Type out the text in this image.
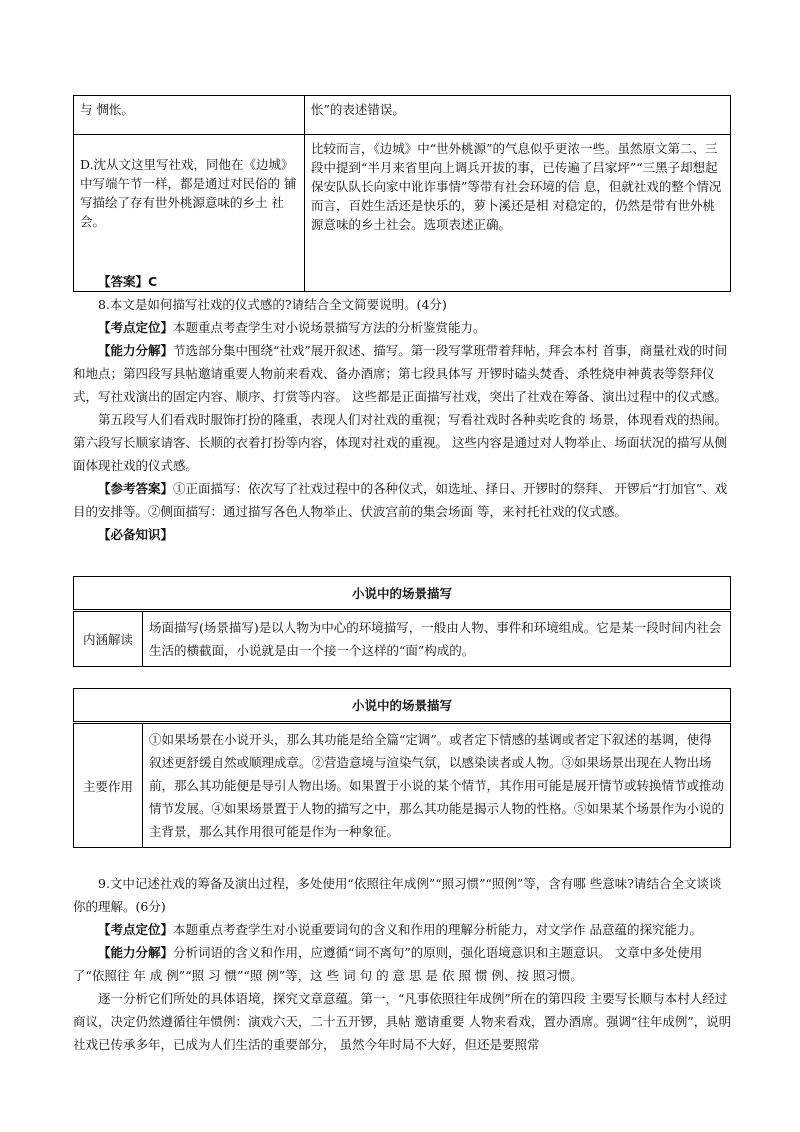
与 惆怅。	怅”的表述错误。
D.沈从文这里写社戏，同他在《边城》 中写端午节一样，都是通过对民俗的 铺写描绘了存有世外桃源意味的乡土 社会。	比较而言，《边城》中“世外桃源”的气息似乎更浓一些。虽然原文第二、三段中提到“半月来省里向上调兵开拔的事，已传遍了吕家坪”“三黑子却想起保安队队长向家中讹诈事情”等带有社会环境的信 息，但就社戏的整个情况而言，百姓生活还是快乐的，萝卜溪还是相 对稳定的，仍然是带有世外桃源意味的乡土社会。选项表述正确。

【答案】C

8.本文是如何描写社戏的仪式感的?请结合全文简要说明。(4分)

【考点定位】本题重点考查学生对小说场景描写方法的分析鉴赏能力。

【能力分解】节选部分集中围绕“社戏”展开叙述、描写。第一段写掌班带着拜帖，拜会本村 首事，商量社戏的时间和地点；第四段写具帖邀请重要人物前来看戏、备办酒席；第七段具体写 开锣时磕头焚香、杀牲烧申神黄表等祭拜仪式，写社戏演出的固定内容、顺序、打赏等内容。 这些都是正面描写社戏，突出了社戏在筹备、演出过程中的仪式感。

第五段写人们看戏时服饰打扮的隆重，表现人们对社戏的重视；写看社戏时各种卖吃食的 场景，体现看戏的热闹。第六段写长顺家请客、长顺的衣着打扮等内容，体现对社戏的重视。 这些内容是通过对人物举止、场面状况的描写从侧面体现社戏的仪式感。

【参考答案】①正面描写：依次写了社戏过程中的各种仪式，如选址、择日、开锣时的祭拜、 开锣后“打加官”、戏目的安排等。②侧面描写：通过描写各色人物举止、伏波宫前的集会场面 等，来衬托社戏的仪式感。

【必备知识】

小说中的场景描写
内涵解读	场面描写(场景描写)是以人物为中心的环境描写，一般由人物、事件和环境组成。它是某一段时间内社会生活的横截面，小说就是由一个接一个这样的“面”构成的。
小说中的场景描写
主要作用	①如果场景在小说开头，那么其功能是给全篇“定调”。或者定下情感的基调或者定下叙述的基调，使得叙述更舒缓自然或顺理成章。②营造意境与渲染气氛，以感染读者或人物。③如果场景出现在人物出场前，那么其功能便是导引人物出场。如果置于小说的某个情节，其作用可能是展开情节或转换情节或推动情节发展。④如果场景置于人物的描写之中，那么其功能是揭示人物的性格。⑤如果某个场景作为小说的主背景，那么其作用很可能是作为一种象征。

9.文中记述社戏的筹备及演出过程，多处使用“依照往年成例”“照习惯”“照例”等，含有哪 些意味?请结合全文谈谈你的理解。(6分)

【考点定位】本题重点考查学生对小说重要词句的含义和作用的理解分析能力，对文学作 品意蕴的探究能力。

【能力分解】分析词语的含义和作用，应遵循“词不离句”的原则，强化语境意识和主题意识。 文章中多处使用了“依照往 年 成 例”“照 习 惯”“照 例”等，这 些 词 句 的 意 思 是 依 照 惯 例、按 照习惯。

逐一分析它们所处的具体语境，探究文章意蕴。第一，“凡事依照往年成例”所在的第四段 主要写长顺与本村人经过商议，决定仍然遵循往年惯例：演戏六天，二十五开锣，具帖 邀请重要 人物来看戏，置办酒席。强调“往年成例”，说明社戏已传承多年，已成为人们生活的重要部分， 虽然今年时局不大好，但还是要照常
